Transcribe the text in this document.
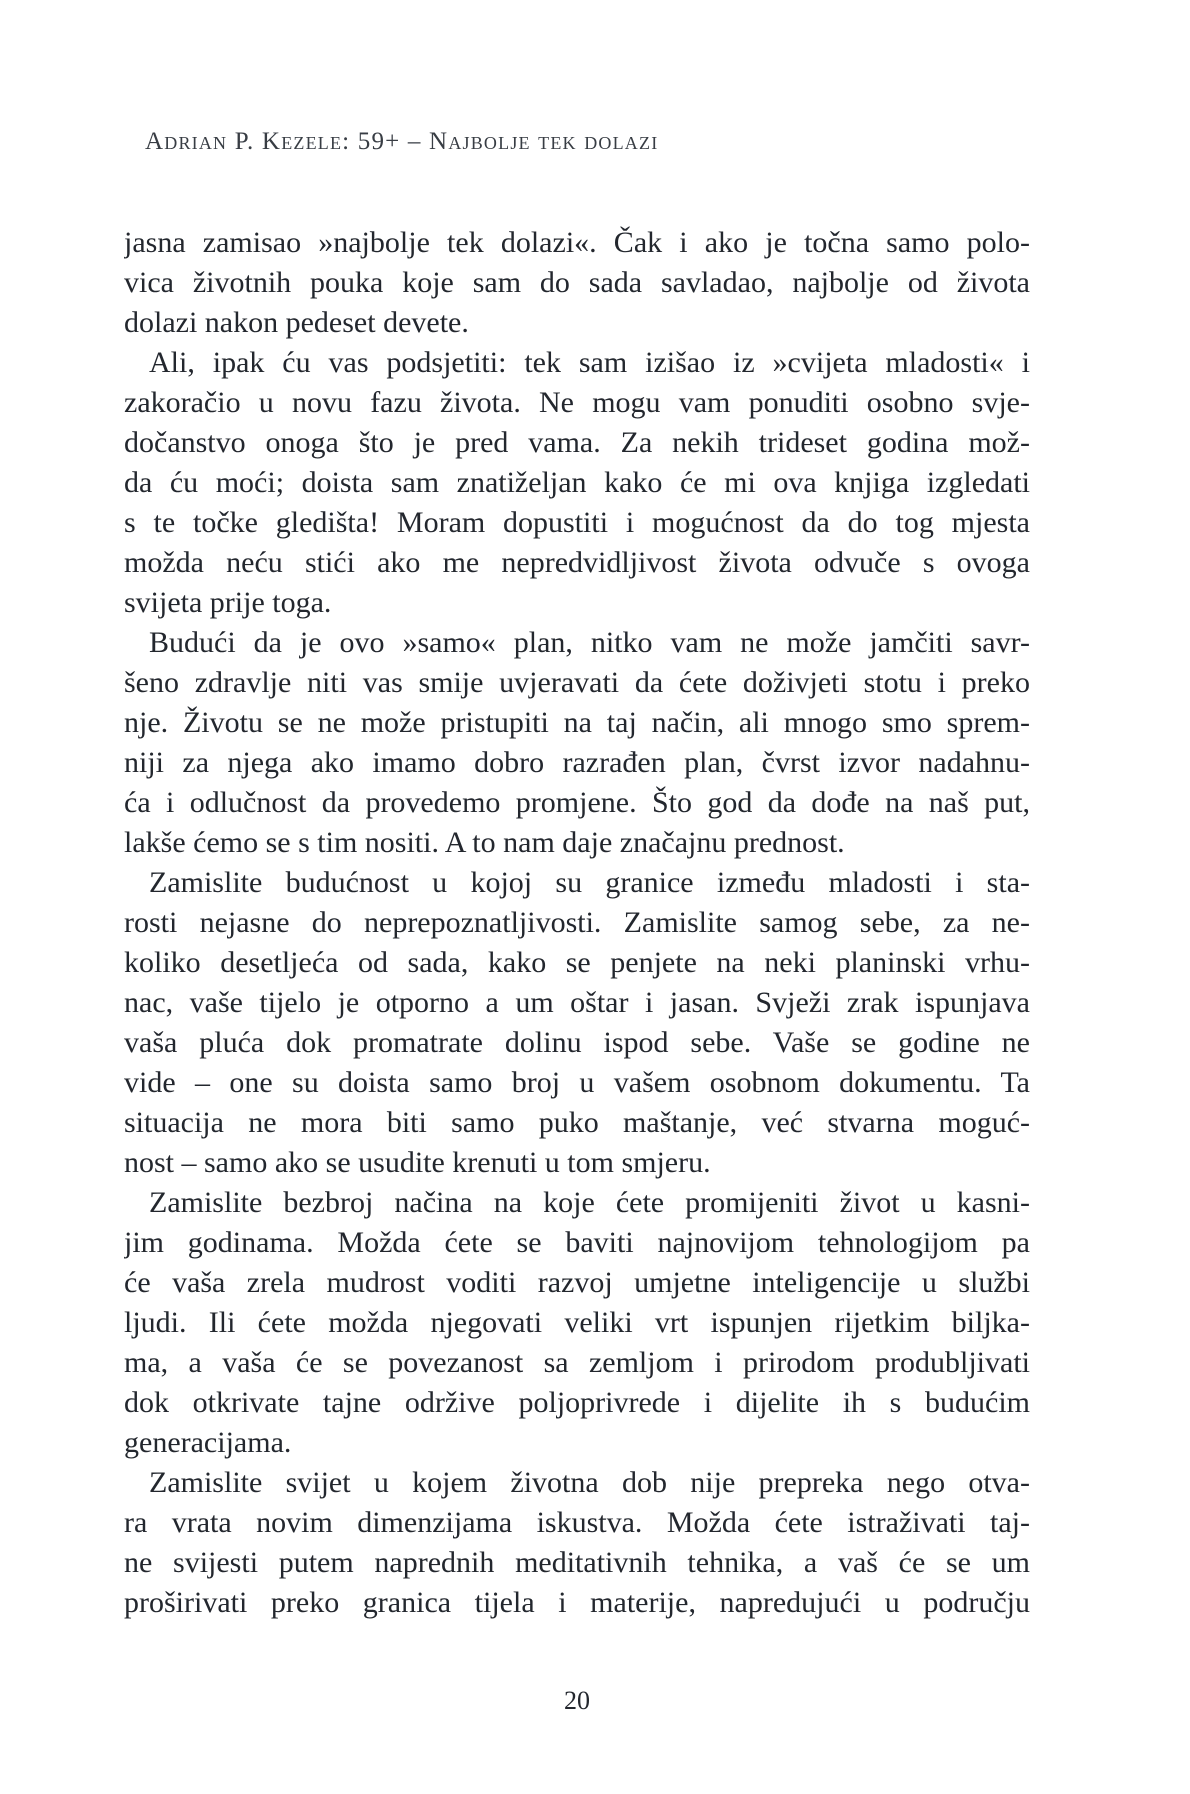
Adrian P. Kezele: 59+ – Najbolje tek dolazi
jasna zamisao »najbolje tek dolazi«. Čak i ako je točna samo polo-
vica životnih pouka koje sam do sada savladao, najbolje od života
dolazi nakon pedeset devete.
Ali, ipak ću vas podsjetiti: tek sam izišao iz »cvijeta mladosti« i
zakoračio u novu fazu života. Ne mogu vam ponuditi osobno svje-
dočanstvo onoga što je pred vama. Za nekih trideset godina mož-
da ću moći; doista sam znatiželjan kako će mi ova knjiga izgledati
s te točke gledišta! Moram dopustiti i mogućnost da do tog mjesta
možda neću stići ako me nepredvidljivost života odvuče s ovoga
svijeta prije toga.
Budući da je ovo »samo« plan, nitko vam ne može jamčiti savr-
šeno zdravlje niti vas smije uvjeravati da ćete doživjeti stotu i preko
nje. Životu se ne može pristupiti na taj način, ali mnogo smo sprem-
niji za njega ako imamo dobro razrađen plan, čvrst izvor nadahnu-
ća i odlučnost da provedemo promjene. Što god da dođe na naš put,
lakše ćemo se s tim nositi. A to nam daje značajnu prednost.
Zamislite budućnost u kojoj su granice između mladosti i sta-
rosti nejasne do neprepoznatljivosti. Zamislite samog sebe, za ne-
koliko desetljeća od sada, kako se penjete na neki planinski vrhu-
nac, vaše tijelo je otporno a um oštar i jasan. Svježi zrak ispunjava
vaša pluća dok promatrate dolinu ispod sebe. Vaše se godine ne
vide – one su doista samo broj u vašem osobnom dokumentu. Ta
situacija ne mora biti samo puko maštanje, već stvarna moguć-
nost – samo ako se usudite krenuti u tom smjeru.
Zamislite bezbroj načina na koje ćete promijeniti život u kasni-
jim godinama. Možda ćete se baviti najnovijom tehnologijom pa
će vaša zrela mudrost voditi razvoj umjetne inteligencije u službi
ljudi. Ili ćete možda njegovati veliki vrt ispunjen rijetkim biljka-
ma, a vaša će se povezanost sa zemljom i prirodom produbljivati
dok otkrivate tajne održive poljoprivrede i dijelite ih s budućim
generacijama.
Zamislite svijet u kojem životna dob nije prepreka nego otva-
ra vrata novim dimenzijama iskustva. Možda ćete istraživati taj-
ne svijesti putem naprednih meditativnih tehnika, a vaš će se um
proširivati preko granica tijela i materije, napredujući u području
20
